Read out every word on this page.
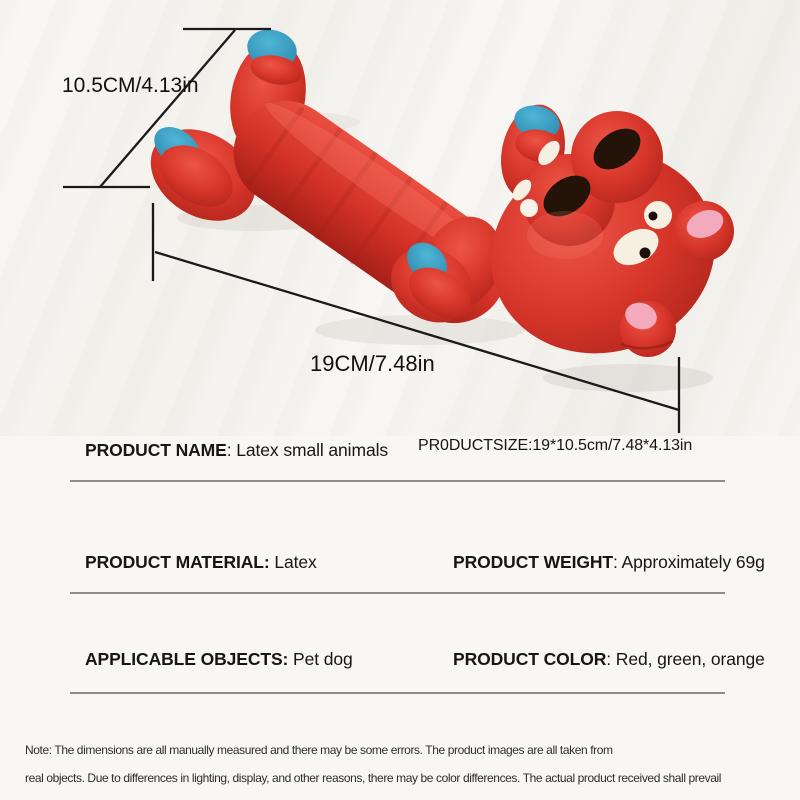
10.5CM/4.13in
19CM/7.48in
PRODUCT NAME: Latex small animals PR0DUCTSIZE:19*10.5cm/7.48*4.13in
PRODUCT MATERIAL: Latex	PRODUCT WEIGHT: Approximately 69g
APPLICABLE OBJECTS: Pet dog	PRODUCT COLOR: Red, green, orange
Note: The dimensions are all manually measured and there may be some errors. The product images are all taken from
real objects. Due to differences in lighting, display, and other reasons, there may be color differences. The actual product received shall prevail
